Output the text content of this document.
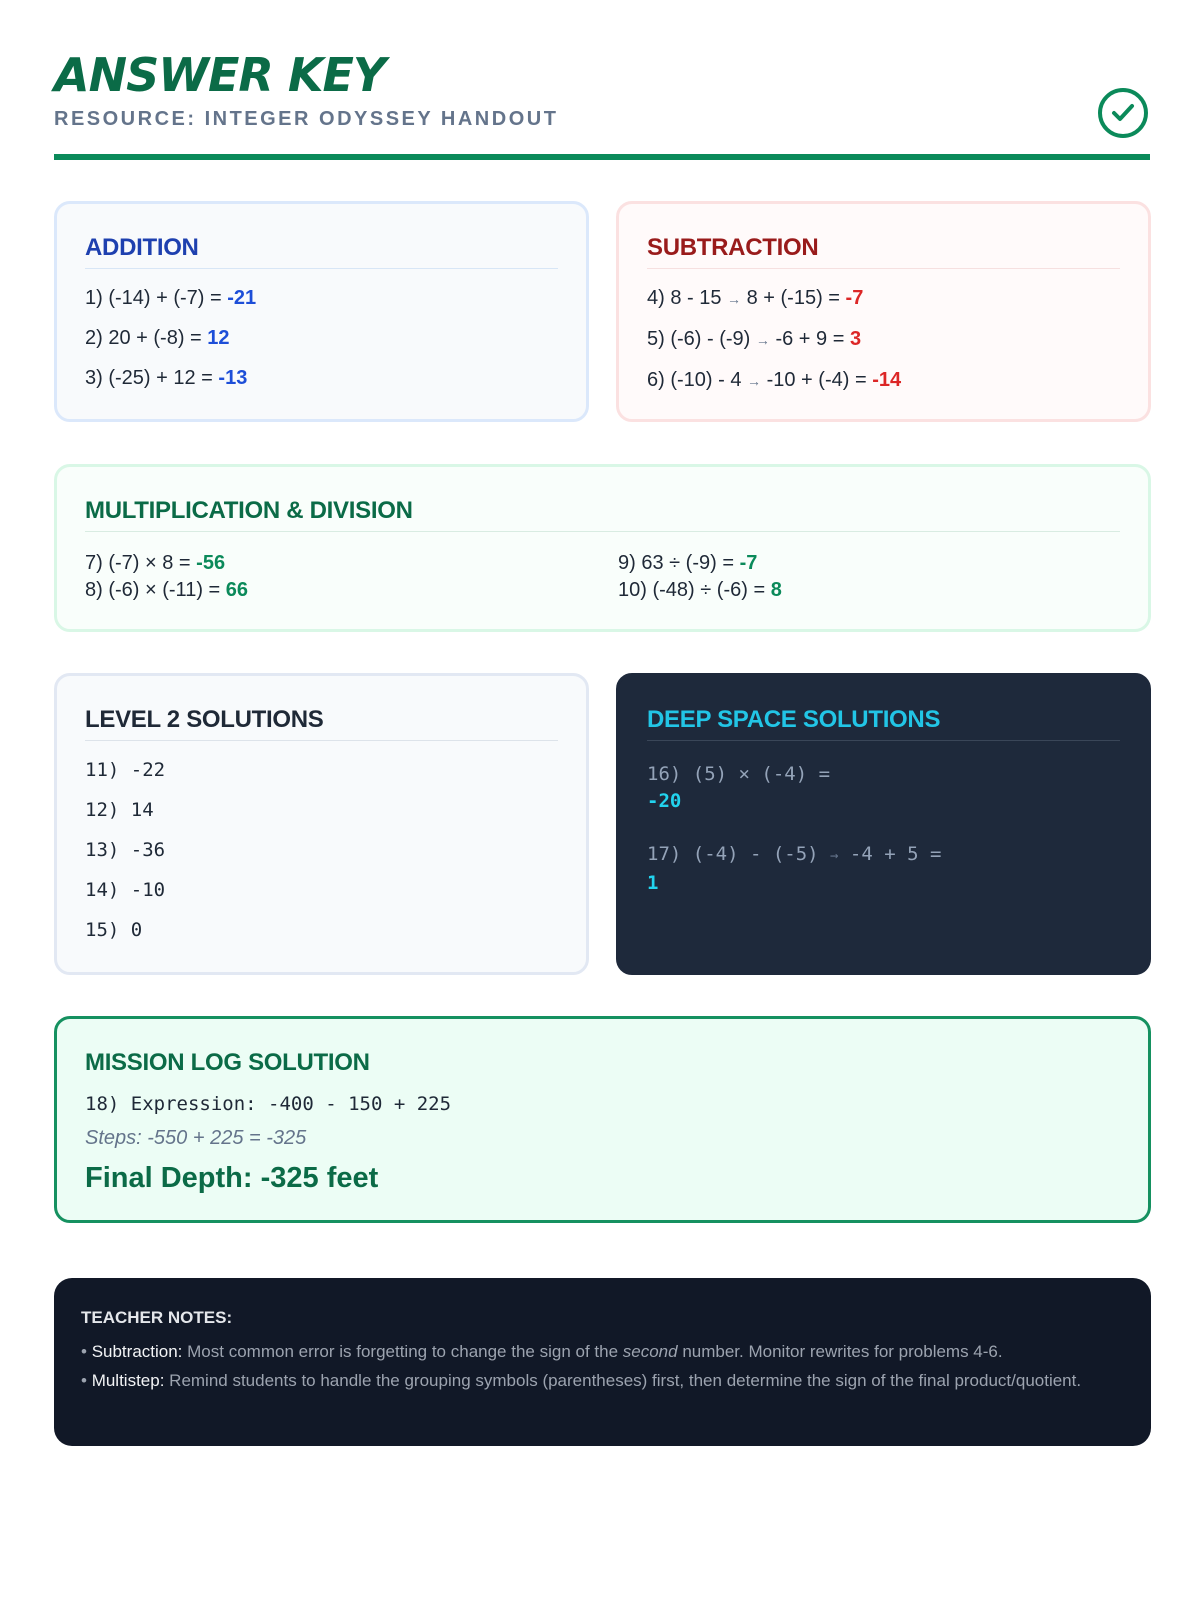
ANSWER KEY
RESOURCE: INTEGER ODYSSEY HANDOUT
ADDITION
1) (-14) + (-7) = -21
2) 20 + (-8) = 12
3) (-25) + 12 = -13
SUBTRACTION
4) 8 - 15 → 8 + (-15) = -7
5) (-6) - (-9) → -6 + 9 = 3
6) (-10) - 4 → -10 + (-4) = -14
MULTIPLICATION & DIVISION
7) (-7) × 8 = -56	9) 63 ÷ (-9) = -7
8) (-6) × (-11) = 66	10) (-48) ÷ (-6) = 8
LEVEL 2 SOLUTIONS
11) -22
12) 14
13) -36
14) -10
15) 0
DEEP SPACE SOLUTIONS
16) (5) × (-4) =
-20
17) (-4) - (-5) → -4 + 5 =
1
MISSION LOG SOLUTION
18) Expression: -400 - 150 + 225
Steps: -550 + 225 = -325
Final Depth: -325 feet
TEACHER NOTES:
• Subtraction: Most common error is forgetting to change the sign of the second number. Monitor rewrites for problems 4-6.
• Multistep: Remind students to handle the grouping symbols (parentheses) first, then determine the sign of the final product/quotient.
